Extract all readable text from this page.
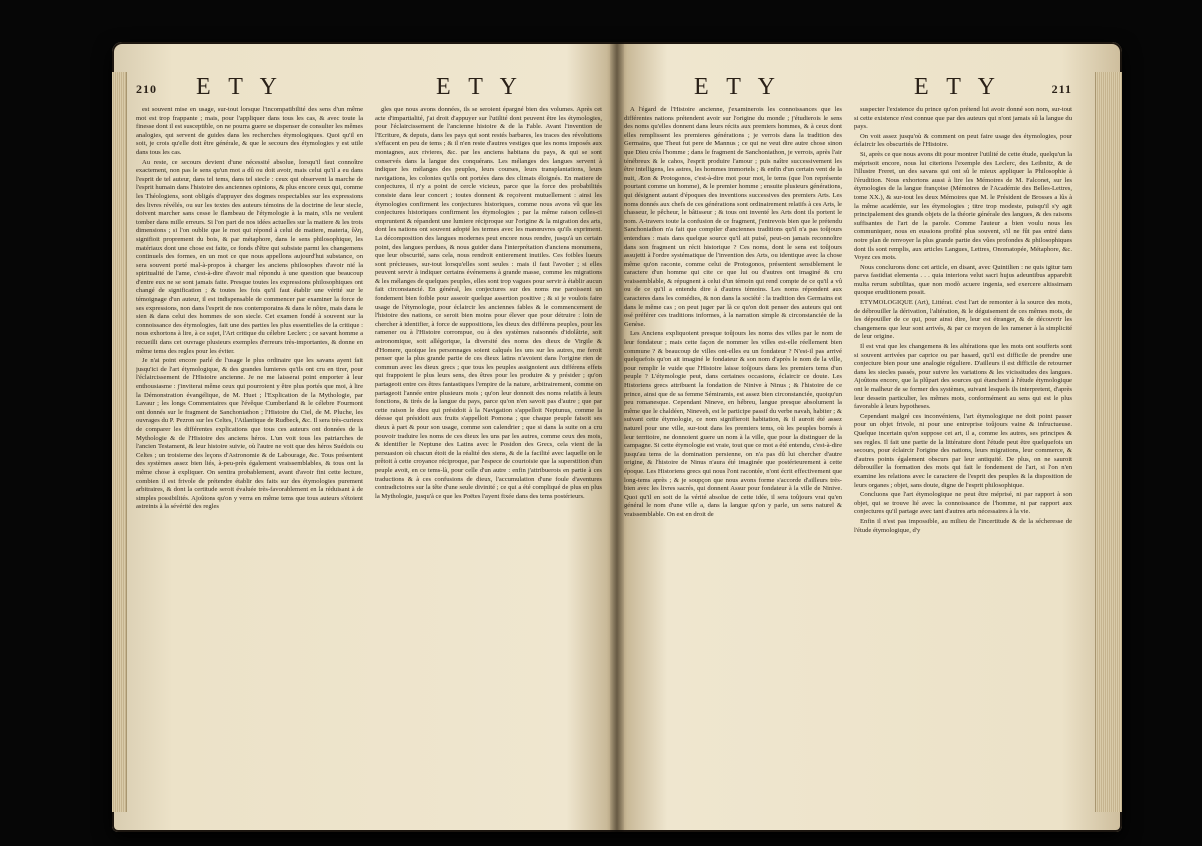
210 E T Y	E T Y

est souvent mise en usage, sur-tout lorsque l'incompatibilité des sens d'un même mot est trop frappante ; mais, pour l'appliquer dans tous les cas, & avec toute la finesse dont il est susceptible, on ne pourra guere se dispenser de consulter les mêmes analogies, qui servent de guides dans les recherches étymologiques. Quoi qu'il en soit, je crois qu'elle doit être générale, & que le secours des étymologies y est utile dans tous les cas.

Au reste, ce secours devient d'une nécessité absolue, lorsqu'il faut connoître exactement, non pas le sens qu'un mot a dû ou doit avoir, mais celui qu'il a eu dans l'esprit de tel auteur, dans tel tems, dans tel siecle : ceux qui observent la marche de l'esprit humain dans l'histoire des anciennes opinions, & plus encore ceux qui, comme les Théologiens, sont obligés d'appuyer des dogmes respectables sur les expressions des livres révélés, ou sur les textes des auteurs témoins de la doctrine de leur siecle, doivent marcher sans cesse le flambeau de l'étymologie à la main, s'ils ne veulent tomber dans mille erreurs. Si l'on part de nos idées actuelles sur la matiere & les trois dimensions ; si l'on oublie que le mot qui répond à celui de matiere, materia, ὕλη, signifioit proprement du bois, & par métaphore, dans le sens philosophique, les matériaux dont une chose est faite, ce fonds d'être qui subsiste parmi les changemens continuels des formes, en un mot ce que nous appellons aujourd'hui substance, on sera souvent porté mal-à-propos à charger les anciens philosophes d'avoir nié la spiritualité de l'ame, c'est-à-dire d'avoir mal répondu à une question que beaucoup d'entre eux ne se sont jamais faite. Presque toutes les expressions philosophiques ont changé de signification ; & toutes les fois qu'il faut établir une vérité sur le témoignage d'un auteur, il est indispensable de commencer par examiner la force de ses expressions, non dans l'esprit de nos contemporains & dans le nôtre, mais dans le sien & dans celui des hommes de son siecle. Cet examen fondé à souvent sur la connoissance des étymologies, fait une des parties les plus essentielles de la critique : nous exhortons à lire, à ce sujet, l'Art critique du célebre Leclerc ; ce savant homme a recueilli dans cet ouvrage plusieurs exemples d'erreurs très-importantes, & donne en même tems des regles pour les éviter.

Je n'ai point encore parlé de l'usage le plus ordinaire que les savans ayent fait jusqu'ici de l'art étymologique, & des grandes lumieres qu'ils ont cru en tirer, pour l'éclaircissement de l'Histoire ancienne. Je ne me laisserai point emporter à leur enthousiasme : j'inviterai même ceux qui pourroient y être plus portés que moi, à lire la Démonstration évangélique, de M. Huet ; l'Explication de la Mythologie, par Lavaur ; les longs Commentaires que l'évêque Cumberland & le célebre Fourmont ont donnés sur le fragment de Sanchoniathon ; l'Histoire du Ciel, de M. Pluche, les ouvrages du P. Pezron sur les Celtes, l'Atlantique de Rudbeck, &c. Il sera très-curieux de comparer les différentes explications que tous ces auteurs ont données de la Mythologie & de l'Histoire des anciens héros. L'un voit tous les patriarches de l'ancien Testament, & leur histoire suivie, où l'autre ne voit que des héros Suédois ou Celtes ; un troisieme des leçons d'Astronomie & de Labourage, &c. Tous présentent des systèmes assez bien liés, à-peu-près également vraissemblables, & tous ont la même chose à expliquer. On sentira probablement, avant d'avoir fini cette lecture, combien il est frivole de prétendre établir des faits sur des étymologies purement arbitraires, & dont la certitude seroit évaluée très-favorablement en la réduisant à de simples possibilités. Ajoûtons qu'on y verra en même tems que tous auteurs s'étoient astreints à la sévérité des regles

gles que nous avons données, ils se seroient épargné bien des volumes. Après cet acte d'impartialité, j'ai droit d'appuyer sur l'utilité dont peuvent être les étymologies, pour l'éclaircissement de l'ancienne histoire & de la Fable. Avant l'invention de l'Ecriture, & depuis, dans les pays qui sont restés barbares, les traces des révolutions s'effacent en peu de tems ; & il n'en reste d'autres vestiges que les noms imposés aux montagnes, aux rivieres, &c. par les anciens habitans du pays, & qui se sont conservés dans la langue des conquérans. Les mélanges des langues servent à indiquer les mélanges des peuples, leurs courses, leurs transplantations, leurs navigations, les colonies qu'ils ont portées dans des climats éloignés. En matiere de conjectures, il n'y a point de cercle vicieux, parce que la force des probabilités consiste dans leur concert ; toutes donnent & reçoivent mutuellement : ainsi les étymologies confirment les conjectures historiques, comme nous avons vû que les conjectures historiques confirment les étymologies ; par la même raison celles-ci empruntent & répandent une lumiere réciproque sur l'origine & la migration des arts, dont les nations ont souvent adopté les termes avec les manœuvres qu'ils expriment. La décomposition des langues modernes peut encore nous rendre, jusqu'à un certain point, des langues perdues, & nous guider dans l'interprétation d'anciens monumens, que leur obscurité, sans cela, nous rendroit entierement inutiles. Ces foibles lueurs sont précieuses, sur-tout lorsqu'elles sont seules : mais il faut l'avoüer ; si elles peuvent servir à indiquer certains événemens à grande masse, comme les migrations & les mélanges de quelques peuples, elles sont trop vagues pour servir à établir aucun fait circonstancié. En général, les conjectures sur des noms me paroissent un fondement bien foible pour asseoir quelque assertion positive ; & si je voulois faire usage de l'étymologie, pour éclaircir les anciennes fables & le commencement de l'histoire des nations, ce seroit bien moins pour élever que pour détruire : loin de chercher à identifier, à force de suppositions, les dieux des différens peuples, pour les ramener ou à l'Histoire corrompue, ou à des systèmes raisonnés d'idolâtrie, soit astronomique, soit allégorique, la diversité des noms des dieux de Virgile & d'Homere, quoique les personnages soient calqués les uns sur les autres, me feroit penser que la plus grande partie de ces dieux latins n'avoient dans l'origine rien de commun avec les dieux grecs ; que tous les peuples assignoient aux différens effets qui frappoient le plus leurs sens, des êtres pour les produire & y présider ; qu'on partageoit entre ces êtres fantastiques l'empire de la nature, arbitrairement, comme on partageoit l'année entre plusieurs mois ; qu'on leur donnoit des noms relatifs à leurs fonctions, & tirés de la langue du pays, parce qu'on n'en savoit pas d'autre ; que par cette raison le dieu qui présidoit à la Navigation s'appelloit Neptunus, comme la déesse qui présidoit aux fruits s'appelloit Pomona ; que chaque peuple faisoit ses dieux à part & pour son usage, comme son calendrier ; que si dans la suite on a cru pouvoir traduire les noms de ces dieux les uns par les autres, comme ceux des mois, & identifier le Neptune des Latins avec le Posidon des Grecs, cela vient de la persuasion où chacun étoit de la réalité des siens, & de la facilité avec laquelle on le prêtoit à cette croyance réciproque, par l'espece de courtoisie que la superstition d'un peuple avoit, en ce tems-là, pour celle d'un autre : enfin j'attribuerois en partie à ces traductions & à ces confusions de dieux, l'accumulation d'une foule d'aventures contradictoires sur la tête d'une seule divinité ; ce qui a été compliqué de plus en plus la Mythologie, jusqu'à ce que les Poëtes l'ayent fixée dans des tems postérieurs.

E T Y	E T Y	211

A l'égard de l'Histoire ancienne, j'examinerois les connoissances que les différentes nations prétendent avoir sur l'origine du monde ; j'étudierois le sens des noms qu'elles donnent dans leurs récits aux premiers hommes, & à ceux dont elles remplissent les premieres générations ; je verrois dans la tradition des Germains, que Theut fut pere de Mannus ; ce qui ne veut dire autre chose sinon que Dieu créa l'homme ; dans le fragment de Sanchoniathon, je verrois, après l'air ténébreux & le cahos, l'esprit produire l'amour ; puis naître successivement les être intelligens, les astres, les hommes immortels ; & enfin d'un certain vent de la nuit, Æon & Protogonos, c'est-à-dire mot pour mot, le tems (que l'on représente pourtant comme un homme), & le premier homme ; ensuite plusieurs générations, qui désignent autant d'époques des inventions successives des premiers Arts. Les noms donnés aux chefs de ces générations sont ordinairement relatifs à ces Arts, le chasseur, le pêcheur, le bâtisseur ; & tous ont inventé les Arts dont ils portent le nom. A-travers toute la confusion de ce fragment, j'entrevois bien que le prétendu Sanchoniathon n'a fait que compiler d'anciennes traditions qu'il n'a pas toûjours entendues : mais dans quelque source qu'il ait puisé, peut-on jamais reconnoître dans son fragment un récit historique ? Ces noms, dont le sens est toûjours assujetti à l'ordre systématique de l'invention des Arts, ou identique avec la chose même qu'on raconte, comme celui de Protogonos, présentent sensiblement le caractere d'un homme qui cite ce que lui ou d'autres ont imaginé & cru vraissemblable, & répugnent à celui d'un témoin qui rend compte de ce qu'il a vû ou de ce qu'il a entendu dire à d'autres témoins. Les noms répondent aux caracteres dans les comédies, & non dans la société : la tradition des Germains est dans le même cas ; on peut juger par là ce qu'on doit penser des auteurs qui ont osé préférer ces traditions informes, à la narration simple & circonstanciée de la Genèse.

Les Anciens expliquoient presque toûjours les noms des villes par le nom de leur fondateur ; mais cette façon de nommer les villes est-elle réellement bien commune ? & beaucoup de villes ont-elles eu un fondateur ? N'est-il pas arrivé quelquefois qu'on ait imaginé le fondateur & son nom d'après le nom de la ville, pour remplir le vuide que l'Histoire laisse toûjours dans les premiers tems d'un peuple ? L'étymologie peut, dans certaines occasions, éclaircir ce doute. Les Historiens grecs attribuent la fondation de Ninive à Ninus ; & l'histoire de ce prince, ainsi que de sa femme Sémiramis, est assez bien circonstanciée, quoiqu'un peu romanesque. Cependant Nineve, en hébreu, langue presque absolument la même que le chaldéen, Nineveh, est le participe passif du verbe navah, habiter ; & suivant cette étymologie, ce nom signifieroit habitation, & il auroit été assez naturel pour une ville, sur-tout dans les premiers tems, où les peuples bornés à leur territoire, ne donnoient guere un nom à la ville, que pour la distinguer de la campagne. Si cette étymologie est vraie, tout que ce mot a été entendu, c'est-à-dire jusqu'au tems de la domination persienne, on n'a pas dû lui chercher d'autre origine, & l'histoire de Ninus n'aura été imaginée que postérieurement à cette époque. Les Historiens grecs qui nous l'ont racontée, n'ont écrit effectivement que long-tems après ; & je soupçon que nous avons forme s'accorde d'ailleurs très-bien avec les livres sacrés, qui donnent Assur pour fondateur à la ville de Ninive. Quoi qu'il en soit de la vérité absolue de cette idée, il sera toûjours vrai qu'en général le nom d'une ville a, dans la langue qu'on y parle, un sens naturel & vraissemblable. On est en droit de

suspecter l'existence du prince qu'on prétend lui avoir donné son nom, sur-tout si cette existence n'est connue que par des auteurs qui n'ont jamais sû la langue du pays.

On voit assez jusqu'où & comment on peut faire usage des étymologies, pour éclaircir les obscurités de l'Histoire.

Si, après ce que nous avons dit pour montrer l'utilité de cette étude, quelqu'un la méprisoit encore, nous lui citerions l'exemple des Leclerc, des Leibnitz, & de l'illustre Freret, un des savans qui ont sû le mieux appliquer la Philosophie à l'érudition. Nous exhortons aussi à lire les Mémoires de M. Falconet, sur les étymologies de la langue françoise (Mémoires de l'Académie des Belles-Lettres, tome XX.), & sur-tout les deux Mémoires que M. le Président de Brosses a lûs à la même académie, sur les étymologies ; titre trop modeste, puisqu'il s'y agit principalement des grands objets de la théorie générale des langues, & des raisons suffisantes de l'art de la parole. Comme l'auteur a bien voulu nous les communiquer, nous en eussions profité plus souvent, s'il ne fût pas entré dans notre plan de renvoyer la plus grande partie des vûes profondes & philosophiques dont ils sont remplis, aux articles Langues, Lettres, Onomatopée, Métaphore, &c. Voyez ces mots.

Nous conclurons donc cet article, en disant, avec Quintilien : ne quis igitur tam parva fastidiat elementa . . . quia interiora velut sacri hujus adeuntibus apparebit multa rerum subtilitas, quæ non modò acuere ingenia, sed exercere altissimam quoque eruditionem possit.

ETYMOLOGIQUE (Art), Littérat. c'est l'art de remonter à la source des mots, de débrouiller la dérivation, l'altération, & le déguisement de ces mêmes mots, de les dépouiller de ce qui, pour ainsi dire, leur est étranger, & de découvrir les changemens que leur sont arrivés, & par ce moyen de les ramener à la simplicité de leur origine.

Il est vrai que les changemens & les altérations que les mots ont soufferts sont si souvent arrivées par caprice ou par hasard, qu'il est difficile de prendre une conjecture bien pour une analogie réguliere. D'ailleurs il est difficile de retourner dans les siecles passés, pour suivre les variations & les vicissitudes des langues. Ajoûtons encore, que la plûpart des sources qui étanchent à l'étude étymologique ont le malheur de se former des systèmes, suivant lesquels ils interpretent, d'après leur dessein particulier, les mêmes mots, conformément au sens qui est le plus favorable à leurs hypotheses.

Cependant malgré ces inconvéniens, l'art étymologique ne doit point passer pour un objet frivole, ni pour une entreprise toûjours vaine & infructueuse. Quelque incertain qu'on suppose cet art, il a, comme les autres, ses principes & ses regles. Il fait une partie de la littérature dont l'étude peut être quelquefois un secours, pour éclaircir l'origine des nations, leurs migrations, leur commerce, & d'autres points également obscurs par leur antiquité. De plus, on ne sauroit débrouiller la formation des mots qui fait le fondement de l'art, si l'on n'en examine les relations avec le caractere de l'esprit des peuples & la disposition de leurs organes ; objet, sans doute, digne de l'esprit philosophique.

Concluons que l'art étymologique ne peut être méprisé, ni par rapport à son objet, qui se trouve lié avec la connoissance de l'homme, ni par rapport aux conjectures qu'il partage avec tant d'autres arts nécessaires à la vie.

Enfin il n'est pas impossible, au milieu de l'incertitude & de la sécheresse de l'étude étymologique, d'y
